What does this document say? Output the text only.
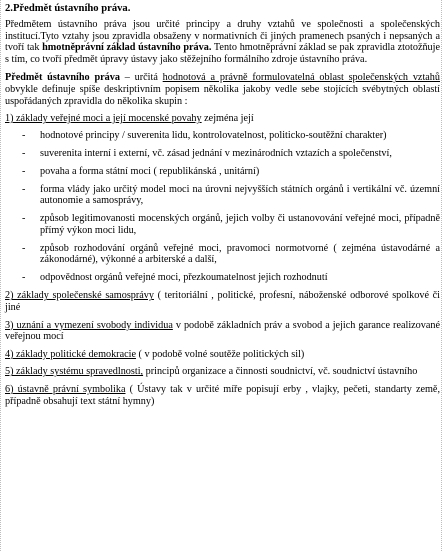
2.Předmět ústavního práva.

Předmětem ústavního práva jsou určité principy a druhy vztahů ve společnosti a společenských institucí.Tyto vztahy jsou zpravidla obsaženy v normativních či jiných pramenech psaných i nepsaných a tvoří tak hmotněprávní základ ústavního práva. Tento hmotněprávní základ se pak zpravidla ztotožňuje s tím, co tvoří předmět úpravy ústavy jako stěžejního formálního zdroje ústavního práva.

Předmět ústavního práva – určitá hodnotová a právně formulovatelná oblast společenských vztahů obvykle definuje spíše deskriptivním popisem několika jakoby vedle sebe stojících svébytných oblastí uspořádaných zpravidla do několika skupin :

1) základy veřejné moci a její mocenské povahy zejména její

- hodnotové principy / suverenita lidu, kontrolovatelnost, politicko-soutěžní charakter)
- suverenita interní i externí, vč. zásad jednání v mezinárodních vztazích a společenství,
- povaha a forma státní moci ( republikánská , unitární)
- forma vlády jako určitý model moci na úrovni nejvyšších státních orgánů i vertikální vč. územní autonomie a samosprávy,
- způsob legitimovanosti mocenských orgánů, jejich volby či ustanovování veřejné moci, případně přímý výkon moci lidu,
- způsob rozhodování orgánů veřejné moci, pravomoci normotvorné ( zejména ústavodárné a zákonodárné), výkonné a arbiterské a další,
- odpovědnost orgánů veřejné moci, přezkoumatelnost jejich rozhodnutí

2) základy společenské samosprávy ( teritoriální , politické, profesní, náboženské odborové spolkové či jiné

3) uznání a vymezení svobody individua v podobě základních práv a svobod a jejich garance realizované veřejnou mocí

4) základy politické demokracie ( v podobě volné soutěže politických sil)

5) základy systému spravedlnosti, principů organizace a činnosti soudnictví, vč. soudnictví ústavního

6) ústavně právní symbolika ( Ústavy tak v určité míře popisují erby , vlajky, pečeti, standarty země, případně obsahují text státní hymny)
